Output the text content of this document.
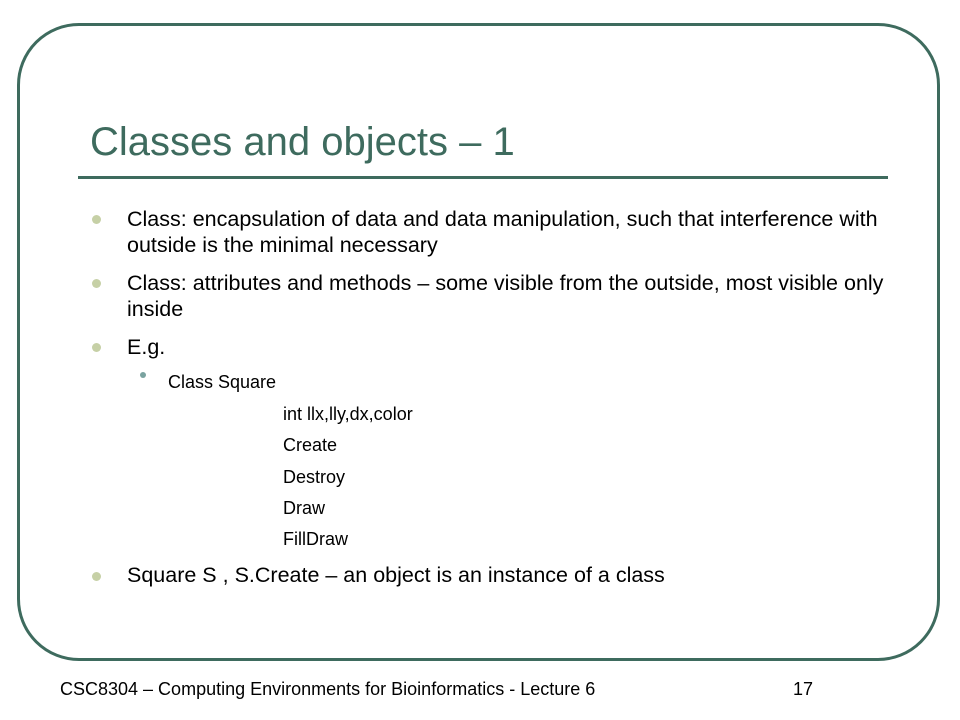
Classes and objects – 1
Class: encapsulation of data and data manipulation, such that interference with outside is the minimal necessary
Class: attributes and methods – some visible from the outside, most visible only inside
E.g.
Class Square
int llx,lly,dx,color
Create
Destroy
Draw
FillDraw
Square S , S.Create – an object is an instance of a class
CSC8304 – Computing Environments for Bioinformatics - Lecture 6	17
